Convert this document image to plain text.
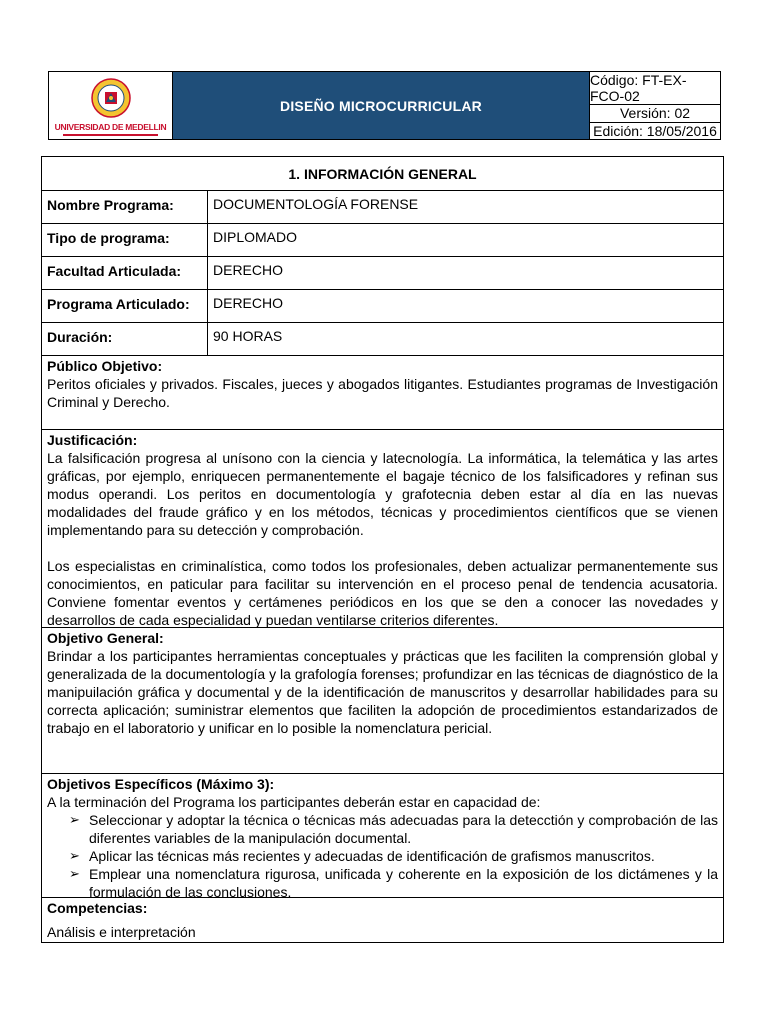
UNIVERSIDAD DE MEDELLIN
DISEÑO MICROCURRICULAR
Código: FT-EX-FCO-02
Versión: 02
Edición: 18/05/2016
1. INFORMACIÓN GENERAL
Nombre Programa:	DOCUMENTOLOGÍA FORENSE
Tipo de programa:	DIPLOMADO
Facultad Articulada:	DERECHO
Programa Articulado:	DERECHO
Duración:	90 HORAS
Público Objetivo:

Peritos oficiales y privados. Fiscales, jueces y abogados litigantes. Estudiantes programas de Investigación Criminal y Derecho.

Justificación:

La falsificación progresa al unísono con la ciencia y latecnología. La informática, la telemática y las artes gráficas, por ejemplo, enriquecen permanentemente el bagaje técnico de los falsificadores y refinan sus modus operandi. Los peritos en documentología y grafotecnia deben estar al día en las nuevas modalidades del fraude gráfico y en los métodos, técnicas y procedimientos científicos que se vienen implementando para su detección y comprobación.

Los especialistas en criminalística, como todos los profesionales, deben actualizar permanentemente sus conocimientos, en paticular para facilitar su intervención en el proceso penal de tendencia acusatoria. Conviene fomentar eventos y certámenes periódicos en los que se den a conocer las novedades y desarrollos de cada especialidad y puedan ventilarse criterios diferentes.

Objetivo General:

Brindar a los participantes herramientas conceptuales y prácticas que les faciliten la comprensión global y generalizada de la documentología y la grafología forenses; profundizar en las técnicas de diagnóstico de la manipuilación gráfica y documental y de la identificación de manuscritos y desarrollar habilidades para su correcta aplicación; suministrar elementos que faciliten la adopción de procedimientos estandarizados de trabajo en el laboratorio y unificar en lo posible la nomenclatura pericial.

Objetivos Específicos (Máximo 3):

A la terminación del Programa los participantes deberán estar en capacidad de:

➢ Seleccionar y adoptar la técnica o técnicas más adecuadas para la detecctión y comprobación de las diferentes variables de la manipulación documental.
➢ Aplicar las técnicas más recientes y adecuadas de identificación de grafismos manuscritos.
➢ Emplear una nomenclatura rigurosa, unificada y coherente en la exposición de los dictámenes y la formulación de las conclusiones.
Competencias:

Análisis e interpretación
